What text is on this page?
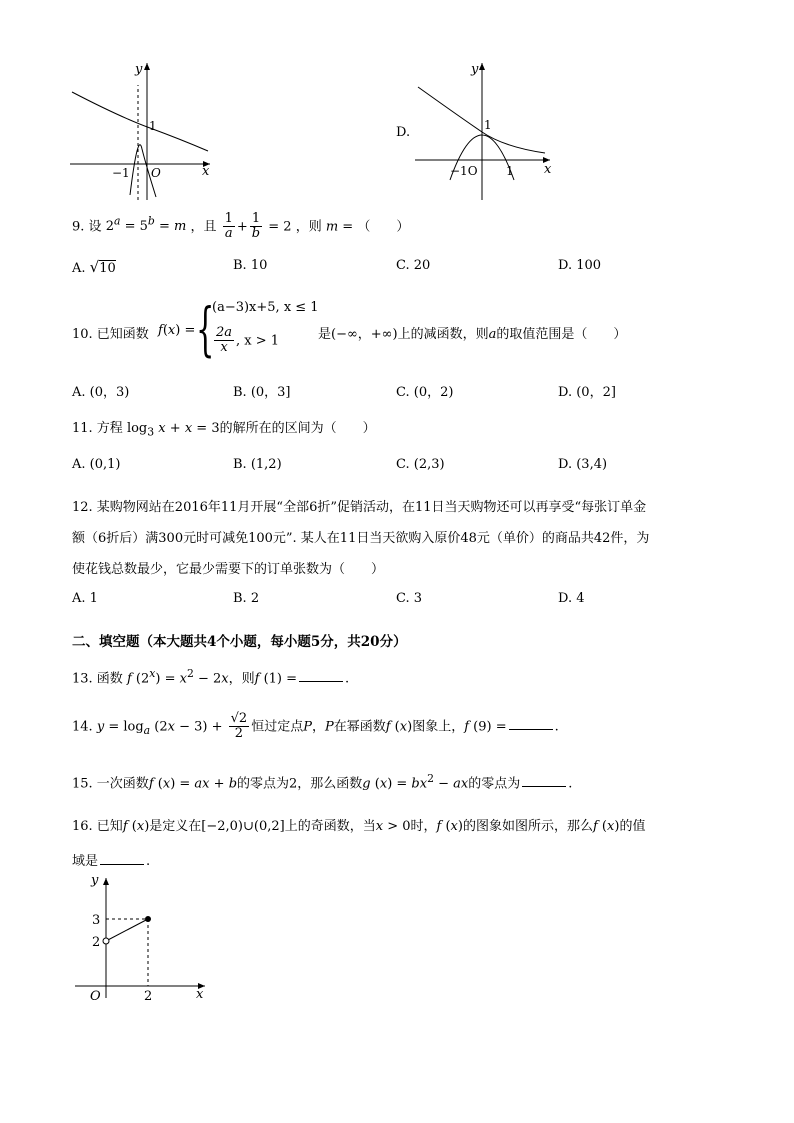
y
x
1
−1 O
D.
y
x
1
−1O 1
9. 设 $2^a = 5^b = m$ ，且 $\frac{1}{a} + \frac{1}{b} = 2$ ，则 m = （　　）
A. √10	B. 10	C. 20	D. 100
10. 已知函数 f(x) = {
(a−3)x+5, x ≤ 1
$\frac{2a}{x}$ , x > 1	是(−∞，+∞)上的减函数，则a的取值范围是（　　）
A. (0，3)	B. (0，3]	C. (0，2)	D. (0，2]
11. 方程 $\log_3 x + x = 3$的解所在的区间为（　　）
A. (0,1)	B. (1,2)	C. (2,3)	D. (3,4)
12. 某购物网站在2016年11月开展“全部6折”促销活动，在11日当天购物还可以再享受“每张订单金
额（6折后）满300元时可减免100元”. 某人在11日当天欲购入原价48元（单价）的商品共42件，为
使花钱总数最少，它最少需要下的订单张数为（　　）
A. 1	B. 2	C. 3	D. 4
二、填空题（本大题共4个小题，每小题5分，共20分）
13. 函数 f $(2^x) = x^2 - 2x$，则f (1) =	.
14. $y = \log_a (2x - 3) + \frac{√2}{2}$ 恒过定点P，P在幂函数f (x)图象上，f (9) =	.
15. 一次函数f (x) = ax + b的零点为2，那么函数g $(x) = bx^2$ − ax的零点为	.
16. 已知f (x)是定义在[−2,0)∪(0,2]上的奇函数，当x > 0时，f (x)的图象如图所示，那么f (x)的值
域是	.
y
x
3
2
O	2
